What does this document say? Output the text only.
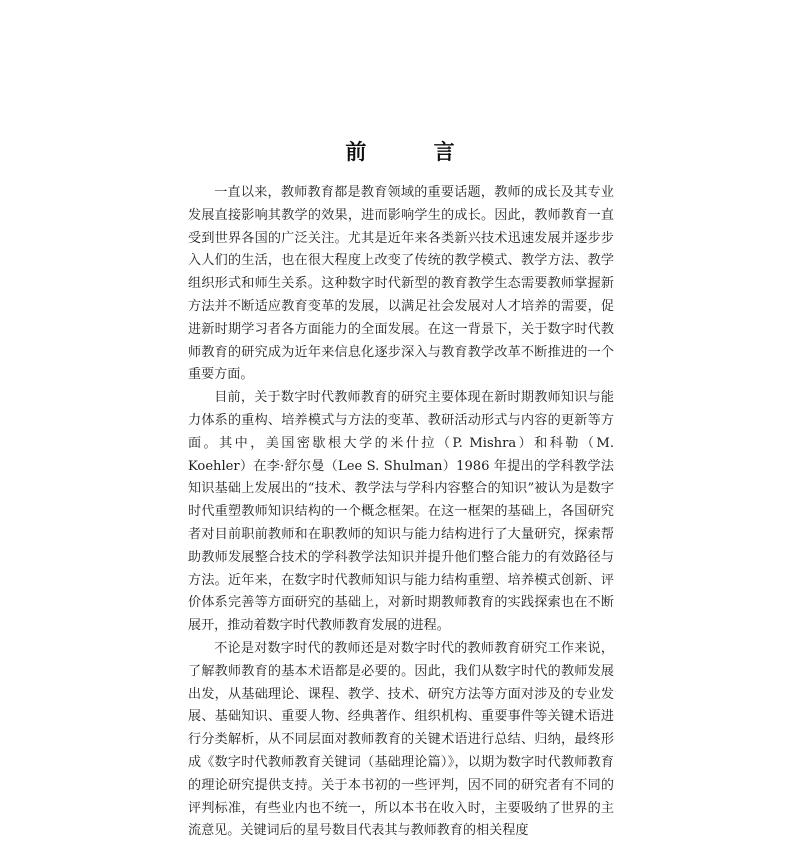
前 言

一直以来，教师教育都是教育领域的重要话题，教师的成长及其专业发展直接影响其教学的效果，进而影响学生的成长。因此，教师教育一直受到世界各国的广泛关注。尤其是近年来各类新兴技术迅速发展并逐步步入人们的生活，也在很大程度上改变了传统的教学模式、教学方法、教学组织形式和师生关系。这种数字时代新型的教育教学生态需要教师掌握新方法并不断适应教育变革的发展，以满足社会发展对人才培养的需要，促进新时期学习者各方面能力的全面发展。在这一背景下，关于数字时代教师教育的研究成为近年来信息化逐步深入与教育教学改革不断推进的一个重要方面。

目前，关于数字时代教师教育的研究主要体现在新时期教师知识与能力体系的重构、培养模式与方法的变革、教研活动形式与内容的更新等方面。其中，美国密歇根大学的米什拉（P. Mishra）和科勒（M. Koehler）在李·舒尔曼（Lee S. Shulman）1986 年提出的学科教学法知识基础上发展出的“技术、教学法与学科内容整合的知识”被认为是数字时代重塑教师知识结构的一个概念框架。在这一框架的基础上，各国研究者对目前职前教师和在职教师的知识与能力结构进行了大量研究，探索帮助教师发展整合技术的学科教学法知识并提升他们整合能力的有效路径与方法。近年来，在数字时代教师知识与能力结构重塑、培养模式创新、评价体系完善等方面研究的基础上，对新时期教师教育的实践探索也在不断展开，推动着数字时代教师教育发展的进程。

不论是对数字时代的教师还是对数字时代的教师教育研究工作来说，了解教师教育的基本术语都是必要的。因此，我们从数字时代的教师发展出发，从基础理论、课程、教学、技术、研究方法等方面对涉及的专业发展、基础知识、重要人物、经典著作、组织机构、重要事件等关键术语进行分类解析，从不同层面对教师教育的关键术语进行总结、归纳，最终形成《数字时代教师教育关键词（基础理论篇）》，以期为数字时代教师教育的理论研究提供支持。关于本书初的一些评判，因不同的研究者有不同的评判标准，有些业内也不统一，所以本书在收入时，主要吸纳了世界的主流意见。关键词后的星号数目代表其与教师教育的相关程度
